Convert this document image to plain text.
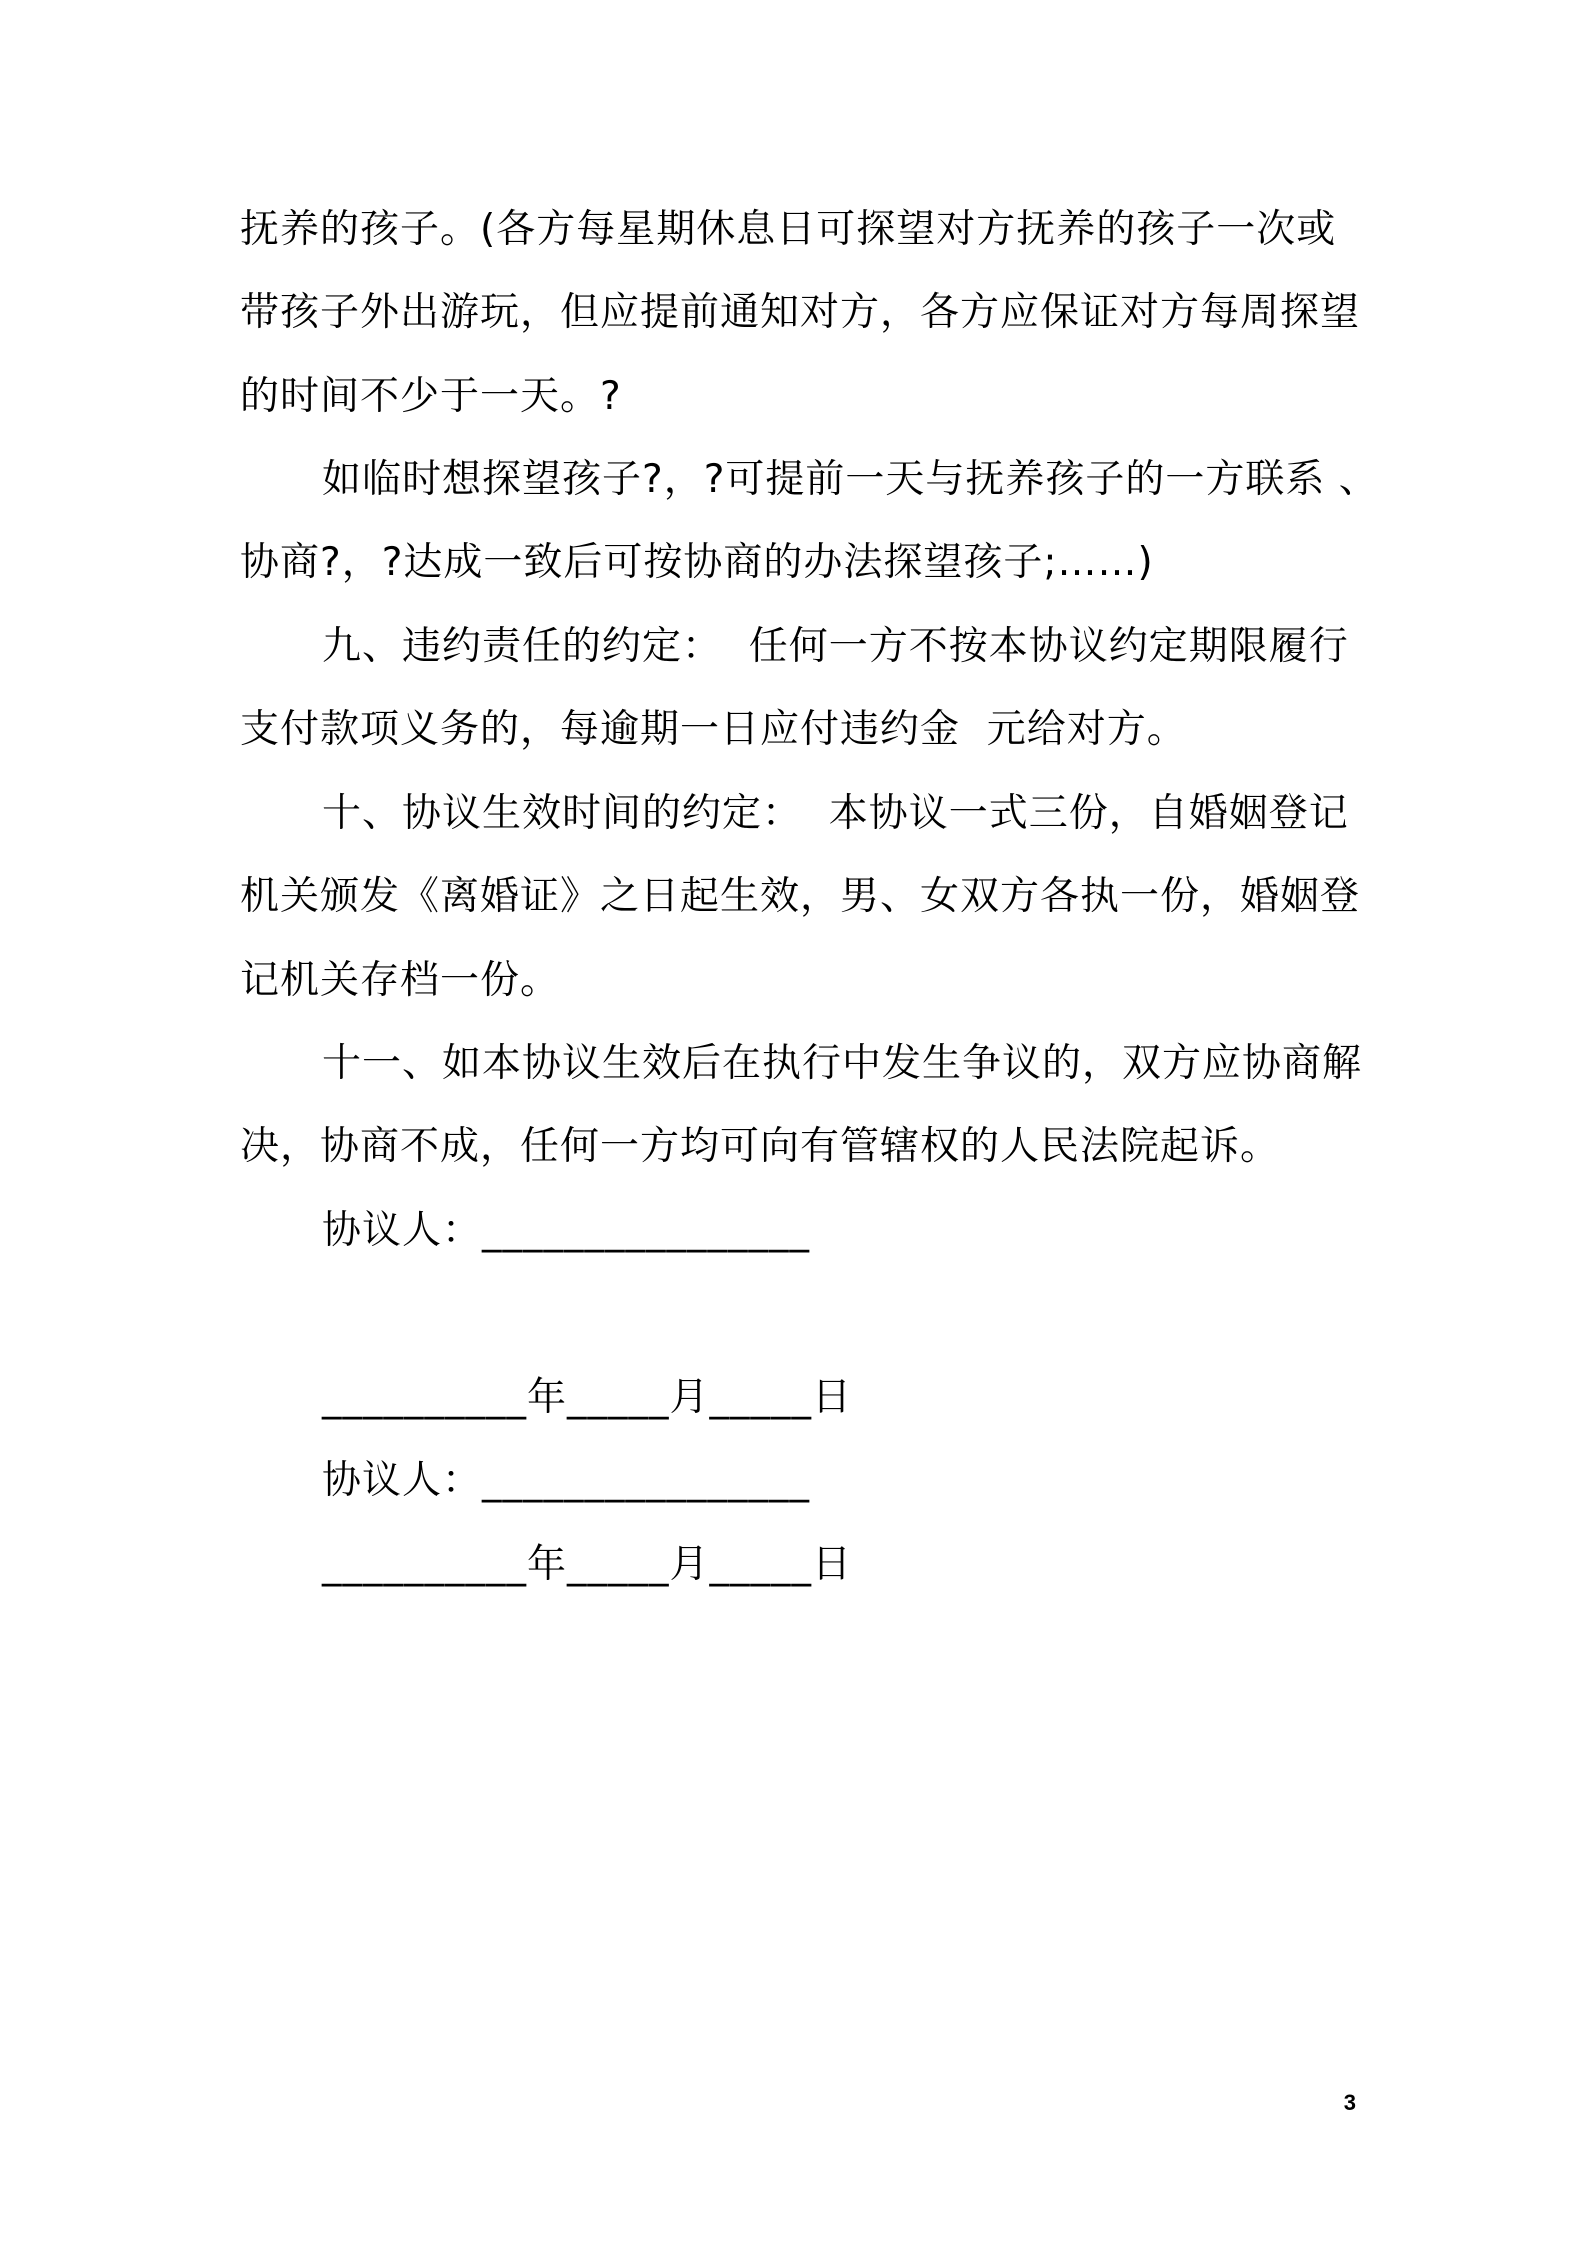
抚养的孩子。(各方每星期休息日可探望对方抚养的孩子一次或
带孩子外出游玩，但应提前通知对方，各方应保证对方每周探望
的时间不少于一天。?
如临时想探望孩子?，?可提前一天与抚养孩子的一方联系 、
协商?，?达成一致后可按协商的办法探望孩子;……)
九、违约责任的约定：  任何一方不按本协议约定期限履行
支付款项义务的，每逾期一日应付违约金  元给对方。
十、协议生效时间的约定：  本协议一式三份，自婚姻登记
机关颁发《离婚证》之日起生效，男、女双方各执一份，婚姻登
记机关存档一份。
十一、如本协议生效后在执行中发生争议的，双方应协商解
决，协商不成，任何一方均可向有管辖权的人民法院起诉。
协议人：________________
__________年_____月_____日
协议人：________________
__________年_____月_____日
3
